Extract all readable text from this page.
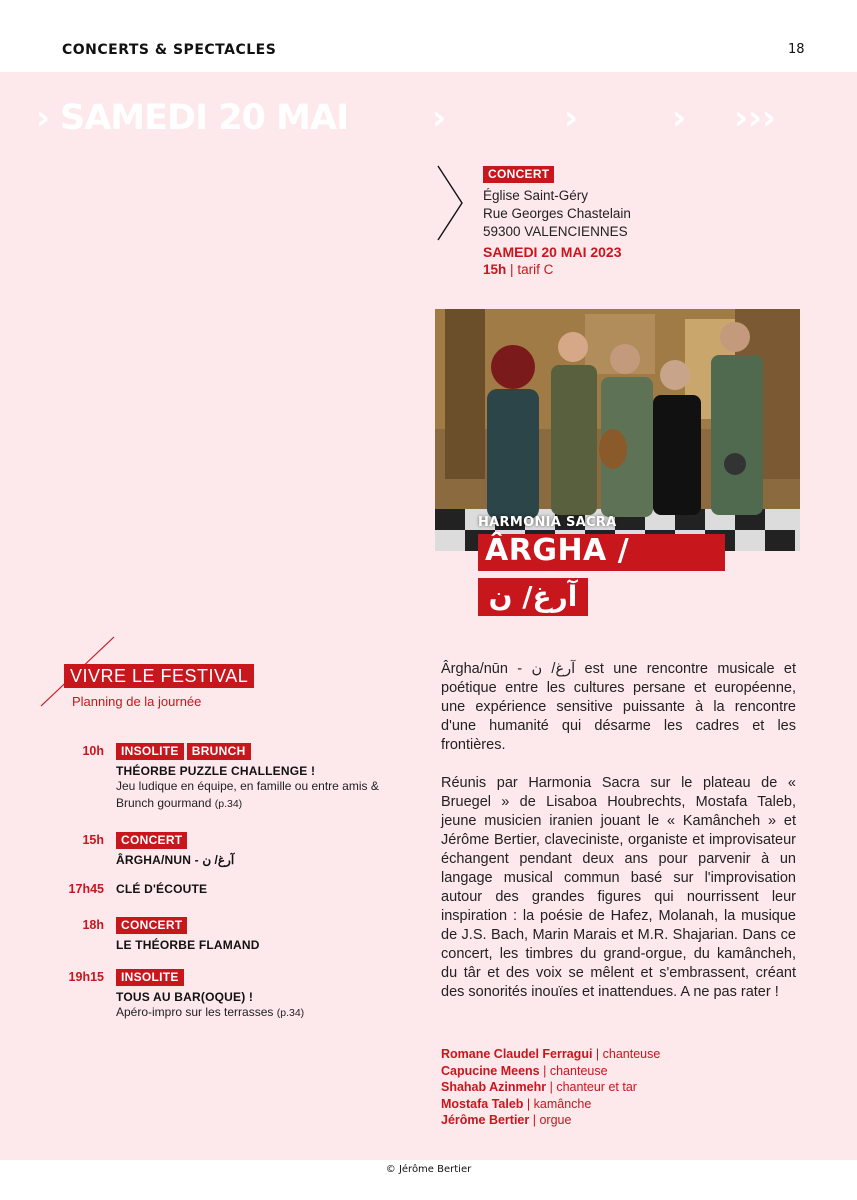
CONCERTS & SPECTACLES	18
› SAMEDI 20 MAI ›	›	› ›››
CONCERT
Église Saint-Géry
Rue Georges Chastelain
59300 VALENCIENNES
SAMEDI 20 MAI 2023
15h | tarif C
HARMONIA SACRA
ÂRGHA /
آرغ/ ن
VIVRE LE FESTIVAL
Planning de la journée
10h	INSOLITE BRUNCH
THÉORBE PUZZLE CHALLENGE !
Jeu ludique en équipe, en famille ou entre amis & Brunch gourmand (p.34)
15h	CONCERT
ÂRGHA/NUN - آرغ/ ن
17h45 CLÉ D'ÉCOUTE
18h	CONCERT
LE THÉORBE FLAMAND
19h15	INSOLITE
TOUS AU BAR(OQUE) !
Apéro-impro sur les terrasses (p.34)

Ârgha/nūn - آرغ/ ن est une rencontre musicale et poétique entre les cultures persane et européenne, une expérience sensitive puissante à la rencontre d'une humanité qui désarme les cadres et les frontières.

Réunis par Harmonia Sacra sur le plateau de « Bruegel » de Lisaboa Houbrechts, Mostafa Taleb, jeune musicien iranien jouant le « Kamâncheh » et Jérôme Bertier, claveciniste, organiste et improvisateur échangent pendant deux ans pour parvenir à un langage musical commun basé sur l'improvisation autour des grandes figures qui nourrissent leur inspiration : la poésie de Hafez, Molanah, la musique de J.S. Bach, Marin Marais et M.R. Shajarian. Dans ce concert, les timbres du grand-orgue, du kamâncheh, du târ et des voix se mêlent et s'embrassent, créant des sonorités inouïes et inattendues. A ne pas rater !

Romane Claudel Ferragui | chanteuse
Capucine Meens | chanteuse
Shahab Azinmehr | chanteur et tar
Mostafa Taleb | kamânche
Jérôme Bertier | orgue
© Jérôme Bertier
